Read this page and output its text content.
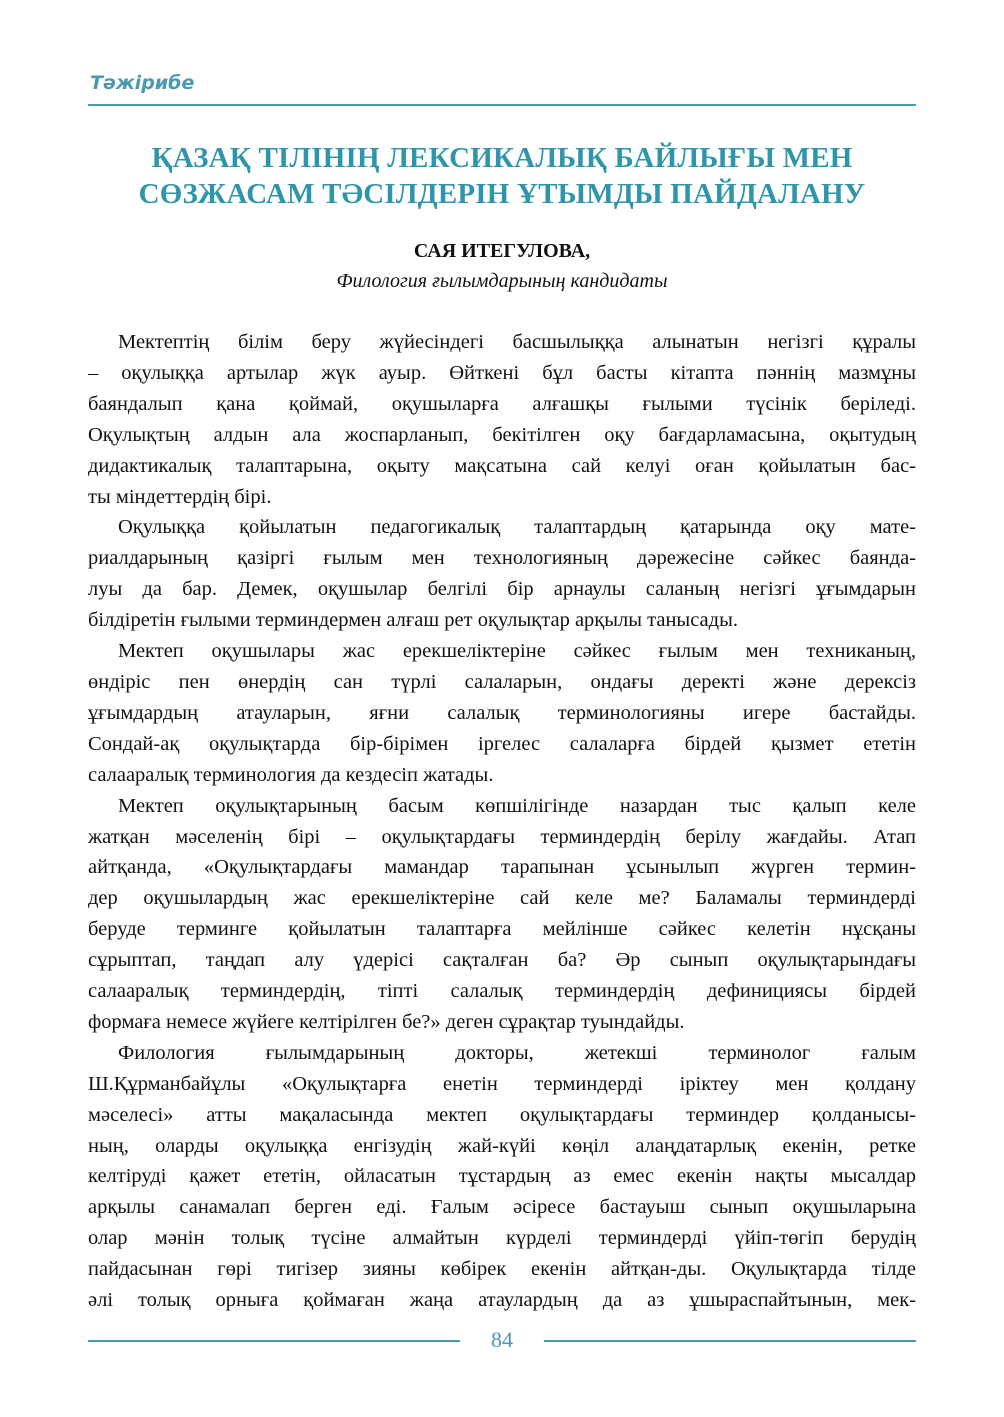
Тәжірибе
ҚАЗАҚ ТІЛІНІҢ ЛЕКСИКАЛЫҚ БАЙЛЫҒЫ МЕН
СӨЗЖАСАМ ТӘСІЛДЕРІН ҰТЫМДЫ ПАЙДАЛАНУ
САЯ ИТЕГУЛОВА,
Филология ғылымдарының кандидаты
Мектептің білім беру жүйесіндегі басшылыққа алынатын негізгі құралы
– оқулыққа артылар жүк ауыр. Өйткені бұл басты кітапта пәннің мазмұны
баяндалып қана қоймай, оқушыларға алғашқы ғылыми түсінік беріледі.
Оқулықтың алдын ала жоспарланып, бекітілген оқу бағдарламасына, оқытудың
дидактикалық талаптарына, оқыту мақсатына сай келуі оған қойылатын бас-
ты міндеттердің бірі.
Оқулыққа қойылатын педагогикалық талаптардың қатарында оқу мате-
риалдарының қазіргі ғылым мен технологияның дәрежесіне сәйкес баянда-
луы да бар. Демек, оқушылар белгілі бір арнаулы саланың негізгі ұғымдарын
білдіретін ғылыми терминдермен алғаш рет оқулықтар арқылы танысады.
Мектеп оқушылары жас ерекшеліктеріне сәйкес ғылым мен техниканың,
өндіріс пен өнердің сан түрлі салаларын, ондағы деректі және дерексіз
ұғымдардың атауларын, яғни салалық терминологияны игере бастайды.
Сондай-ақ оқулықтарда бір-бірімен іргелес салаларға бірдей қызмет ететін
салааралық терминология да кездесіп жатады.
Мектеп оқулықтарының басым көпшілігінде назардан тыс қалып келе
жатқан мәселенің бірі – оқулықтардағы терминдердің берілу жағдайы. Атап
айтқанда, «Оқулықтардағы мамандар тарапынан ұсынылып жүрген термин-
дер оқушылардың жас ерекшеліктеріне сай келе ме? Баламалы терминдерді
беруде терминге қойылатын талаптарға мейлінше сәйкес келетін нұсқаны
сұрыптап, таңдап алу үдерісі сақталған ба? Әр сынып оқулықтарындағы
салааралық терминдердің, тіпті салалық терминдердің дефинициясы бірдей
формаға немесе жүйеге келтірілген бе?» деген сұрақтар туындайды.
Филология ғылымдарының докторы, жетекші терминолог ғалым
Ш.Құрманбайұлы «Оқулықтарға енетін терминдерді іріктеу мен қолдану
мәселесі» атты мақаласында мектеп оқулықтардағы терминдер қолданысы-
ның, оларды оқулыққа енгізудің жай-күйі көңіл алаңдатарлық екенін, ретке
келтіруді қажет ететін, ойласатын тұстардың аз емес екенін нақты мысалдар
арқылы санамалап берген еді. Ғалым әсіресе бастауыш сынып оқушыларына
олар мәнін толық түсіне алмайтын күрделі терминдерді үйіп-төгіп берудің
пайдасынан гөрі тигізер зияны көбірек екенін айтқан-ды. Оқулықтарда тілде
әлі толық орныға қоймаған жаңа атаулардың да аз ұшыраспайтынын, мек-
84
